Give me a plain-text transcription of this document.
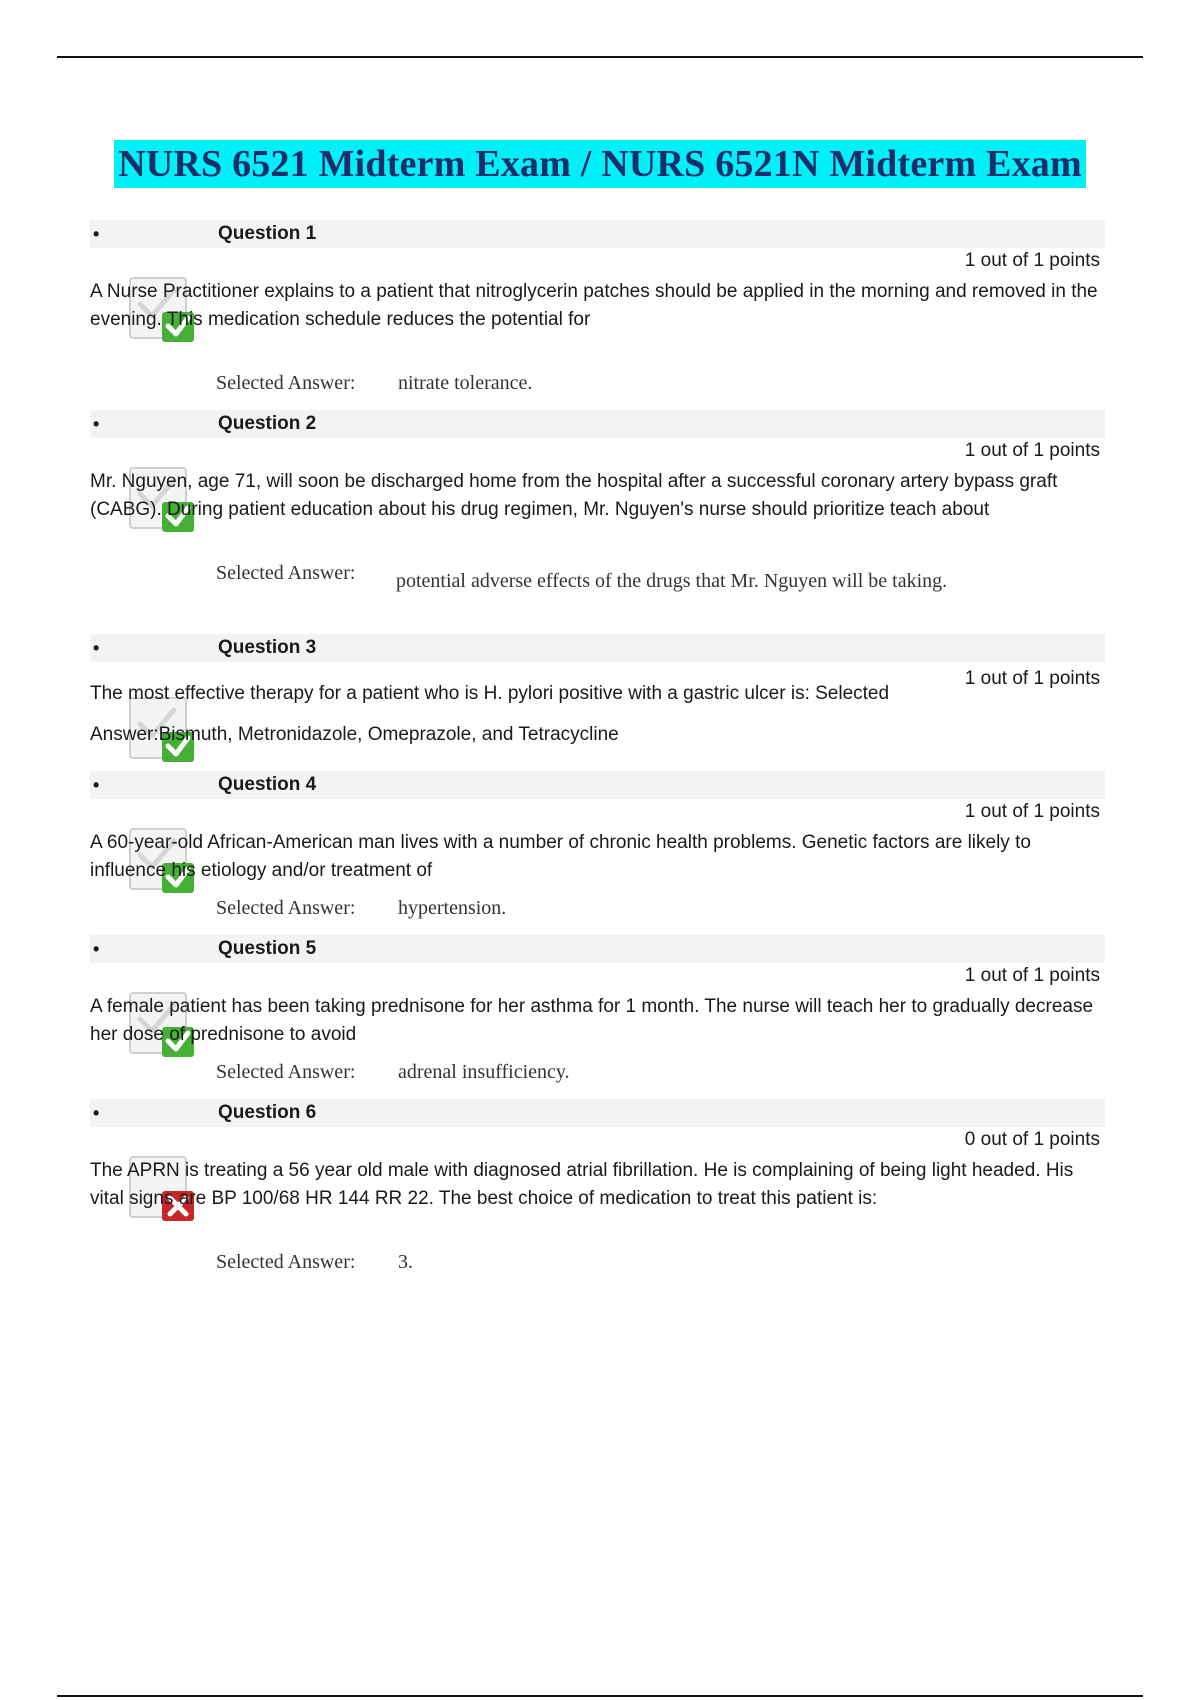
NURS 6521 Midterm Exam / NURS 6521N Midterm Exam
•	Question 1
1 out of 1 points
A Nurse Practitioner explains to a patient that nitroglycerin patches should be applied in the morning and removed in the evening. This medication schedule reduces the potential for
Selected Answer: nitrate tolerance.
•	Question 2
1 out of 1 points
Mr. Nguyen, age 71, will soon be discharged home from the hospital after a successful coronary artery bypass graft (CABG). During patient education about his drug regimen, Mr. Nguyen's nurse should prioritize teach about
Selected Answer: potential adverse effects of the drugs that Mr. Nguyen will be taking.
•	Question 3
1 out of 1 points
The most effective therapy for a patient who is H. pylori positive with a gastric ulcer is: Selected
Answer:Bismuth, Metronidazole, Omeprazole, and Tetracycline
•	Question 4
1 out of 1 points
A 60-year-old African-American man lives with a number of chronic health problems. Genetic factors are likely to influence his etiology and/or treatment of
Selected Answer: hypertension.
•	Question 5
1 out of 1 points
A female patient has been taking prednisone for her asthma for 1 month. The nurse will teach her to gradually decrease her dose of prednisone to avoid
Selected Answer: adrenal insufficiency.
•	Question 6
0 out of 1 points
The APRN is treating a 56 year old male with diagnosed atrial fibrillation. He is complaining of being light headed. His vital signs are BP 100/68 HR 144 RR 22. The best choice of medication to treat this patient is:
Selected Answer: 3.
